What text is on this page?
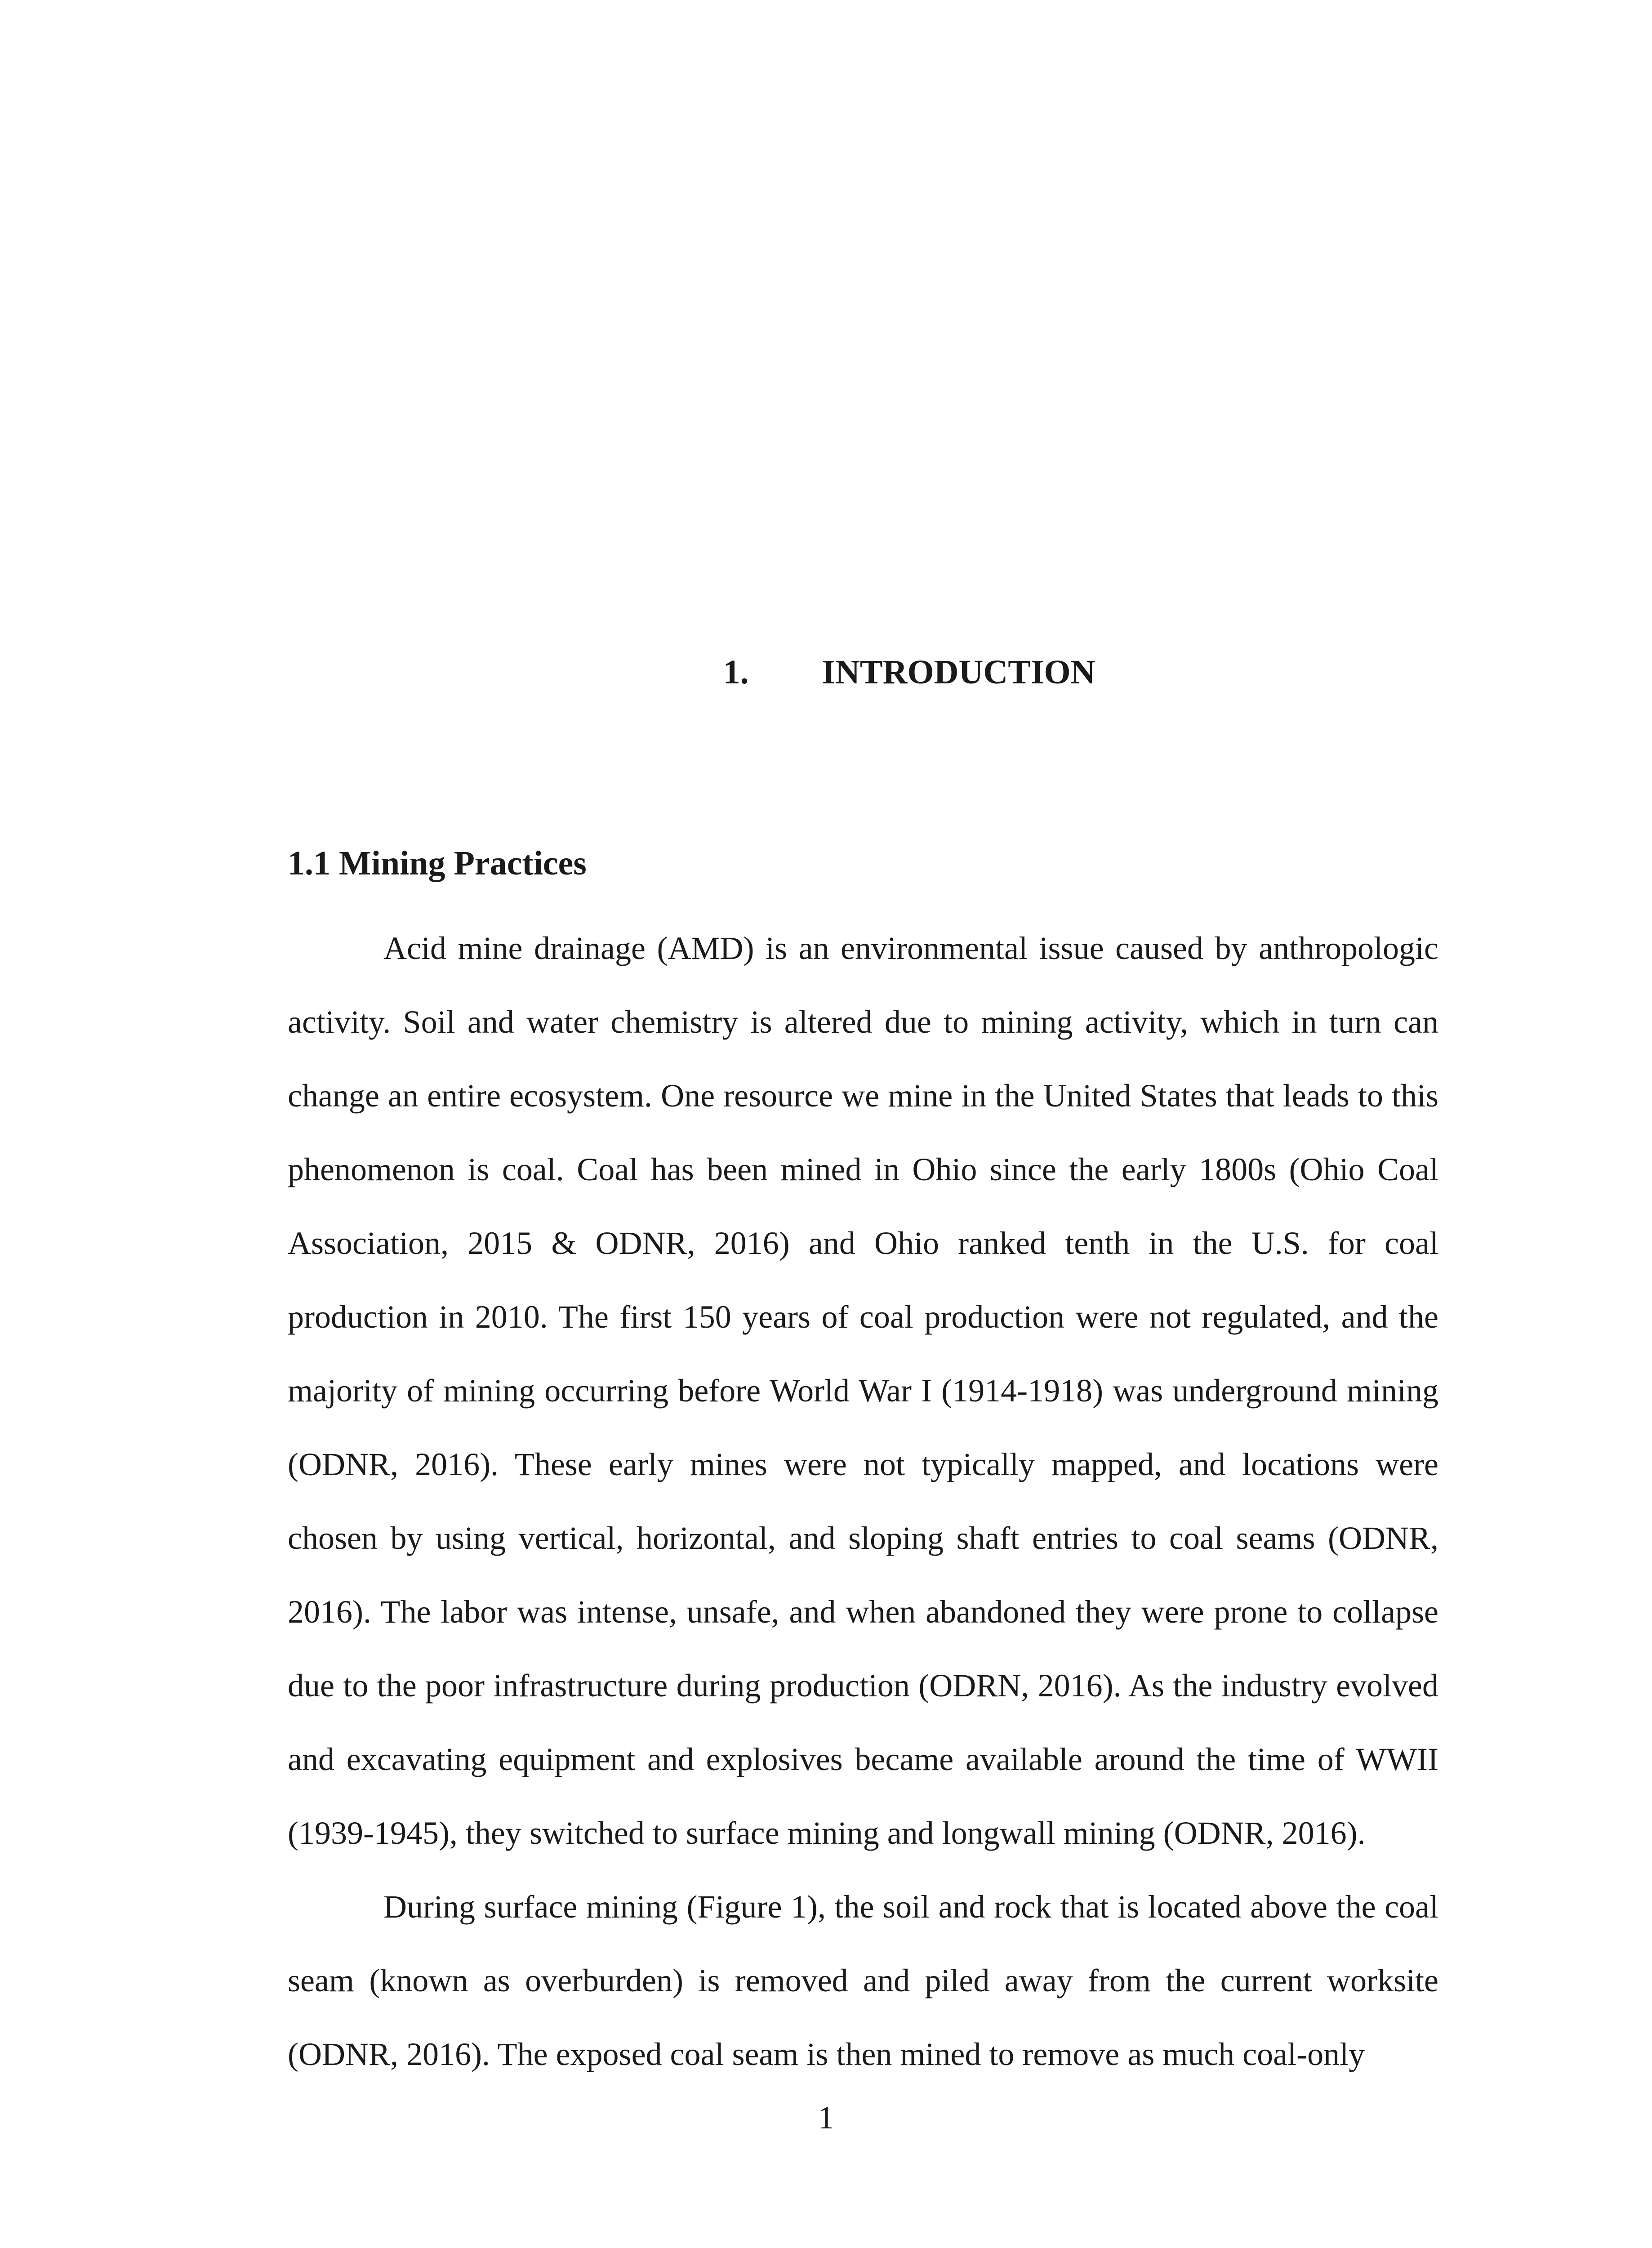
1. INTRODUCTION
1.1 Mining Practices

Acid mine drainage (AMD) is an environmental issue caused by anthropologic activity. Soil and water chemistry is altered due to mining activity, which in turn can change an entire ecosystem. One resource we mine in the United States that leads to this phenomenon is coal. Coal has been mined in Ohio since the early 1800s (Ohio Coal Association, 2015 & ODNR, 2016) and Ohio ranked tenth in the U.S. for coal production in 2010. The first 150 years of coal production were not regulated, and the majority of mining occurring before World War I (1914-1918) was underground mining (ODNR, 2016). These early mines were not typically mapped, and locations were chosen by using vertical, horizontal, and sloping shaft entries to coal seams (ODNR, 2016). The labor was intense, unsafe, and when abandoned they were prone to collapse due to the poor infrastructure during production (ODRN, 2016). As the industry evolved and excavating equipment and explosives became available around the time of WWII (1939-1945), they switched to surface mining and longwall mining (ODNR, 2016).

During surface mining (Figure 1), the soil and rock that is located above the coal seam (known as overburden) is removed and piled away from the current worksite (ODNR, 2016). The exposed coal seam is then mined to remove as much coal-only

1
